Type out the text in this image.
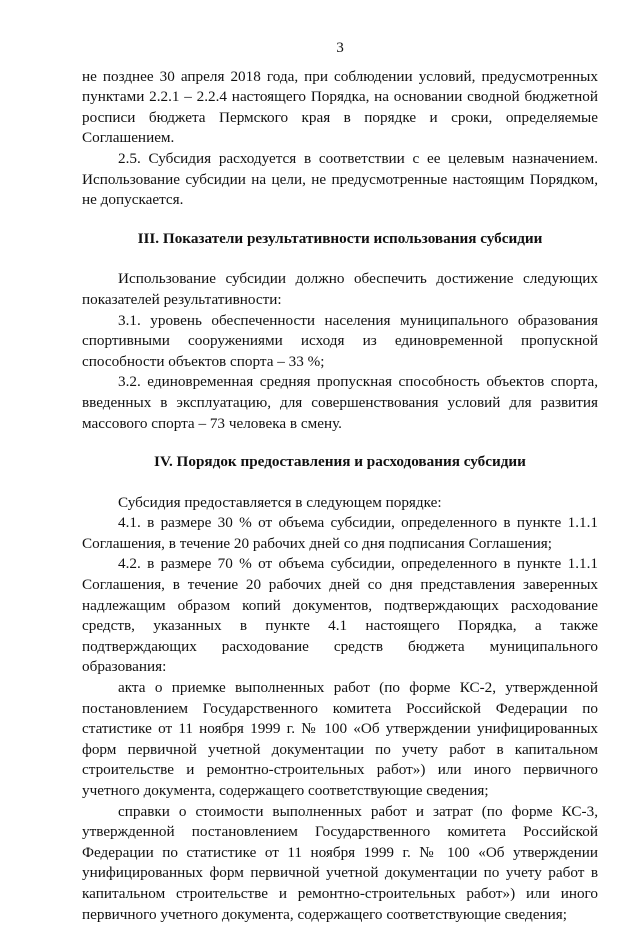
3

не позднее 30 апреля 2018 года, при соблюдении условий, предусмотренных пунктами 2.2.1 – 2.2.4 настоящего Порядка, на основании сводной бюджетной росписи бюджета Пермского края в порядке и сроки, определяемые Соглашением.

2.5. Субсидия расходуется в соответствии с ее целевым назначением. Использование субсидии на цели, не предусмотренные настоящим Порядком, не допускается.

III. Показатели результативности использования субсидии

Использование субсидии должно обеспечить достижение следующих показателей результативности:

3.1. уровень обеспеченности населения муниципального образования спортивными сооружениями исходя из единовременной пропускной способности объектов спорта – 33 %;

3.2. единовременная средняя пропускная способность объектов спорта, введенных в эксплуатацию, для совершенствования условий для развития массового спорта – 73 человека в смену.

IV. Порядок предоставления и расходования субсидии

Субсидия предоставляется в следующем порядке:

4.1. в размере 30 % от объема субсидии, определенного в пункте 1.1.1 Соглашения, в течение 20 рабочих дней со дня подписания Соглашения;

4.2. в размере 70 % от объема субсидии, определенного в пункте 1.1.1 Соглашения, в течение 20 рабочих дней со дня представления заверенных надлежащим образом копий документов, подтверждающих расходование средств, указанных в пункте 4.1 настоящего Порядка, а также подтверждающих расходование средств бюджета муниципального образования:

акта о приемке выполненных работ (по форме КС-2, утвержденной постановлением Государственного комитета Российской Федерации по статистике от 11 ноября 1999 г. № 100 «Об утверждении унифицированных форм первичной учетной документации по учету работ в капитальном строительстве и ремонтно-строительных работ») или иного первичного учетного документа, содержащего соответствующие сведения;

справки о стоимости выполненных работ и затрат (по форме КС-3, утвержденной постановлением Государственного комитета Российской Федерации по статистике от 11 ноября 1999 г. № 100 «Об утверждении унифицированных форм первичной учетной документации по учету работ в капитальном строительстве и ремонтно-строительных работ») или иного первичного учетного документа, содержащего соответствующие сведения;
